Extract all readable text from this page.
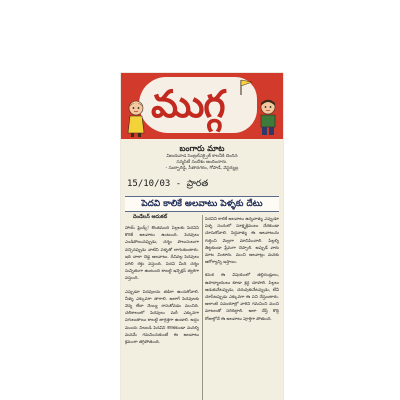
ముగ్గ
బంగారు మాట
విజయవాడ సెంట్రల్‌ఎక్సైజ్ కాలనీకి చెందిన
సన్మసిటీ సందేశం అందించారు.
- సుబ్బారెడ్డి, సీతానగరం, గోపాడే, వెస్టర్నుబ్ర
15/10/03 - ప్రారత
పెదవి కాలికే అలవాటు పెళ్ళకు దేటు
దెండేలన్ ఆదుకట్

హాయ్ ఫ్రెండ్స్! కొంతమంది పిల్లలకు పెదవిని కొరికే అలవాటు ఉంటుంది. పెదవులు ఎండిపోయినప్పుడు, చర్మం పొలుసులుగా వచ్చినప్పుడు వాటిని పళ్ళతో లాగుతుంటారు. ఇది చాలా చెడ్డ అలవాటు. దీనివల్ల పెదవులు పగిలి రక్తం వస్తుంది. పెదవి మీది చర్మం సున్నితంగా ఉంటుంది కాబట్టి ఇన్ఫెక్షన్ త్వరగా వస్తుంది.

ఎప్పుడూ పెదవులను తడిగా ఉంచుకోవాలి. నీళ్ళు ఎక్కువగా తాగాలి. అలాగే పెదవులకు వెన్న లేదా నెయ్యి రాసుకోవడం మంచిది. చలికాలంలో పెదవులు మరీ ఎక్కువగా పగులుతాయి కాబట్టి జాగ్రత్తగా ఉండాలి. అద్దం ముందు నిలబడి పెదవిని కొరకకుండా మనల్ని మనమే గమనించుకుంటే ఈ అలవాటు క్రమంగా తగ్గిపోతుంది.

పెదవిని కాలికే అలవాటు ఉన్నవాళ్ళు ఎప్పుడూ పళ్ళ సందులో సూక్ష్మక్రిములు చేరకుండా చూసుకోవాలి. పెద్దవాళ్ళు ఈ అలవాటును గుర్తించి మెల్లగా మానిపించాలి. పిల్లల్ని తిట్టకుండా ప్రేమగా చెప్పాలి. అప్పుడే వారు మాట వింటారు. మంచి అలవాట్లు మనకు ఆరోగ్యాన్ని ఇస్తాయి.

కనుక ఈ విషయంలో తల్లిదండ్రులు, ఉపాధ్యాయులు కూడా శ్రద్ధ చూపాలి. పిల్లలు ఆడుకునేటప్పుడు, చదువుకునేటప్పుడు, టీవీ చూసేటప్పుడు ఎక్కువగా ఈ పని చేస్తుంటారు. అలాంటి సమయాల్లో వారిని గమనించి మంచి మాటలతో సరిదిద్దాలి. అలా చేస్తే కొద్ది రోజుల్లోనే ఈ అలవాటు పూర్తిగా పోతుంది.
